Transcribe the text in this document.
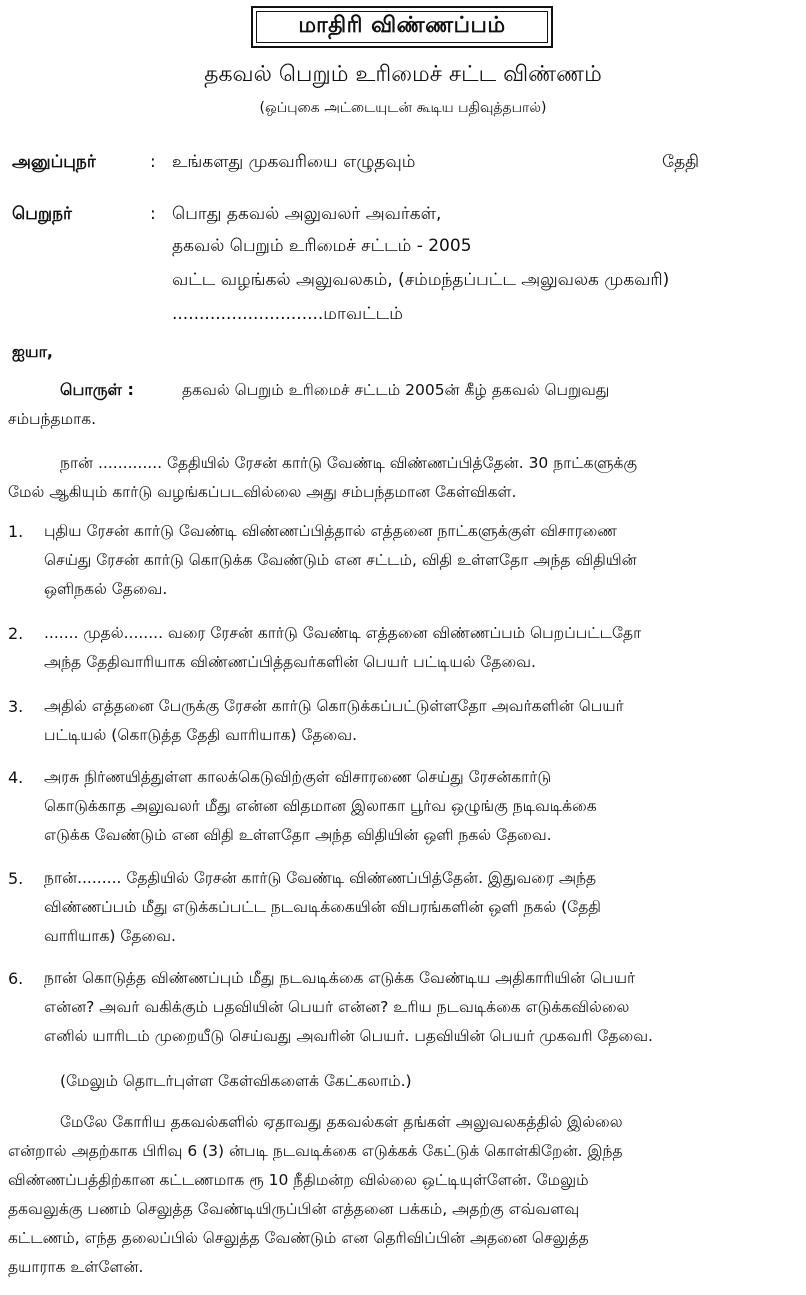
மாதிரி விண்ணப்பம்
தகவல் பெறும் உரிமைச் சட்ட விண்ணம்
(ஒப்புகை அட்டையுடன் கூடிய பதிவுத்தபால்)
அனுப்புநர்	: உங்களது முகவரியை எழுதவும்	தேதி
பெறுநர்	: பொது தகவல் அலுவலர் அவர்கள்,
தகவல் பெறும் உரிமைச் சட்டம் - 2005
வட்ட வழங்கல் அலுவலகம், (சம்மந்தப்பட்ட அலுவலக முகவரி)
............................மாவட்டம்
ஐயா,
பொருள் :	தகவல் பெறும் உரிமைச் சட்டம் 2005ன் கீழ் தகவல் பெறுவது
சம்பந்தமாக.
நான் ............. தேதியில் ரேசன் கார்டு வேண்டி விண்ணப்பித்தேன். 30 நாட்களுக்கு
மேல் ஆகியும் கார்டு வழங்கப்படவில்லை அது சம்பந்தமான கேள்விகள்.
1. புதிய ரேசன் கார்டு வேண்டி விண்ணப்பித்தால் எத்தனை நாட்களுக்குள் விசாரணை
செய்து ரேசன் கார்டு கொடுக்க வேண்டும் என சட்டம், விதி உள்ளதோ அந்த விதியின்
ஒளிநகல் தேவை.
2. ....... முதல்........ வரை ரேசன் கார்டு வேண்டி எத்தனை விண்ணப்பம் பெறப்பட்டதோ
அந்த தேதிவாரியாக விண்ணப்பித்தவர்களின் பெயர் பட்டியல் தேவை.
3. அதில் எத்தனை பேருக்கு ரேசன் கார்டு கொடுக்கப்பட்டுள்ளதோ அவர்களின் பெயர்
பட்டியல் (கொடுத்த தேதி வாரியாக) தேவை.
4. அரசு நிர்ணயித்துள்ள காலக்கெடுவிற்குள் விசாரணை செய்து ரேசன்கார்டு
கொடுக்காத அலுவலர் மீது என்ன விதமான இலாகா பூர்வ ஒழுங்கு நடிவடிக்கை
எடுக்க வேண்டும் என விதி உள்ளதோ அந்த விதியின் ஒளி நகல் தேவை.
5. நான்......... தேதியில் ரேசன் கார்டு வேண்டி விண்ணப்பித்தேன். இதுவரை அந்த
விண்ணப்பம் மீது எடுக்கப்பட்ட நடவடிக்கையின் விபரங்களின் ஒளி நகல் (தேதி
வாரியாக) தேவை.
6. நான் கொடுத்த விண்ணப்பும் மீது நடவடிக்கை எடுக்க வேண்டிய அதிகாரியின் பெயர்
என்ன? அவர் வகிக்கும் பதவியின் பெயர் என்ன? உரிய நடவடிக்கை எடுக்கவில்லை
எனில் யாரிடம் முறையீடு செய்வது அவரின் பெயர். பதவியின் பெயர் முகவரி தேவை.
(மேலும் தொடர்புள்ள கேள்விகளைக் கேட்கலாம்.)
மேலே கோரிய தகவல்களில் ஏதாவது தகவல்கள் தங்கள் அலுவலகத்தில் இல்லை
என்றால் அதற்காக பிரிவு 6 (3) ன்படி நடவடிக்கை எடுக்கக் கேட்டுக் கொள்கிறேன். இந்த
விண்ணப்பத்திற்கான கட்டணமாக ரூ 10 நீதிமன்ற வில்லை ஒட்டியுள்ளேன். மேலும்
தகவலுக்கு பணம் செலுத்த வேண்டியிருப்பின் எத்தனை பக்கம், அதற்கு எவ்வளவு
கட்டணம், எந்த தலைப்பில் செலுத்த வேண்டும் என தெரிவிப்பின் அதனை செலுத்த
தயாராக உள்ளேன்.
